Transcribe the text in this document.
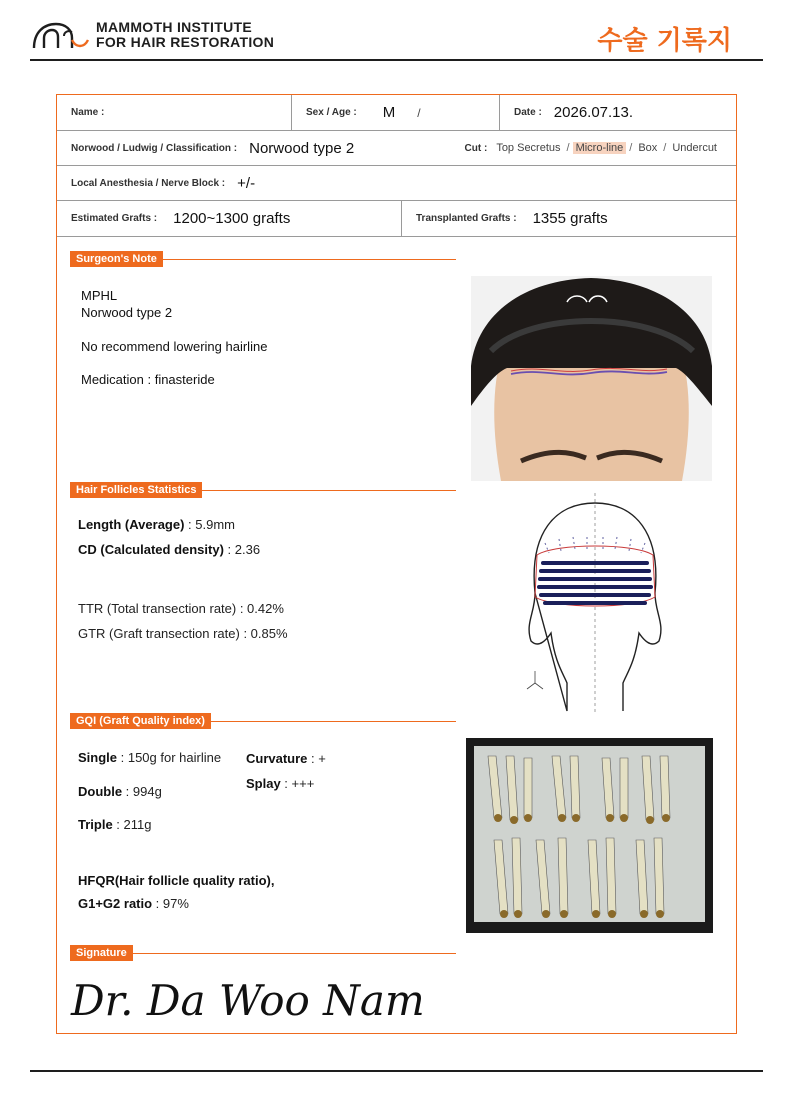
MAMMOTH INSTITUTE
FOR HAIR RESTORATION	수술 기록지
Name :	Sex / Age : M /	Date : 2026.07.13.
Norwood / Ludwig / Classification : Norwood type 2	Cut : Top Secretus / Micro-line / Box / Undercut
Local Anesthesia / Nerve Block : +/-
Estimated Grafts : 1200~1300 grafts	Transplanted Grafts : 1355 grafts
Surgeon's Note
MPHL
Norwood type 2
No recommend lowering hairline
Medication : finasteride
Hair Follicles Statistics
Length (Average) : 5.9mm
CD (Calculated density) : 2.36
TTR (Total transection rate) : 0.42%
GTR (Graft transection rate) : 0.85%
GQI (Graft Quality index)
Single : 150g for hairline Curvature : +
Splay : +++
Double : 994g
Triple : 211g
HFQR(Hair follicle quality ratio),
G1+G2 ratio : 97%
Signature
Dr. Da Woo Nam
